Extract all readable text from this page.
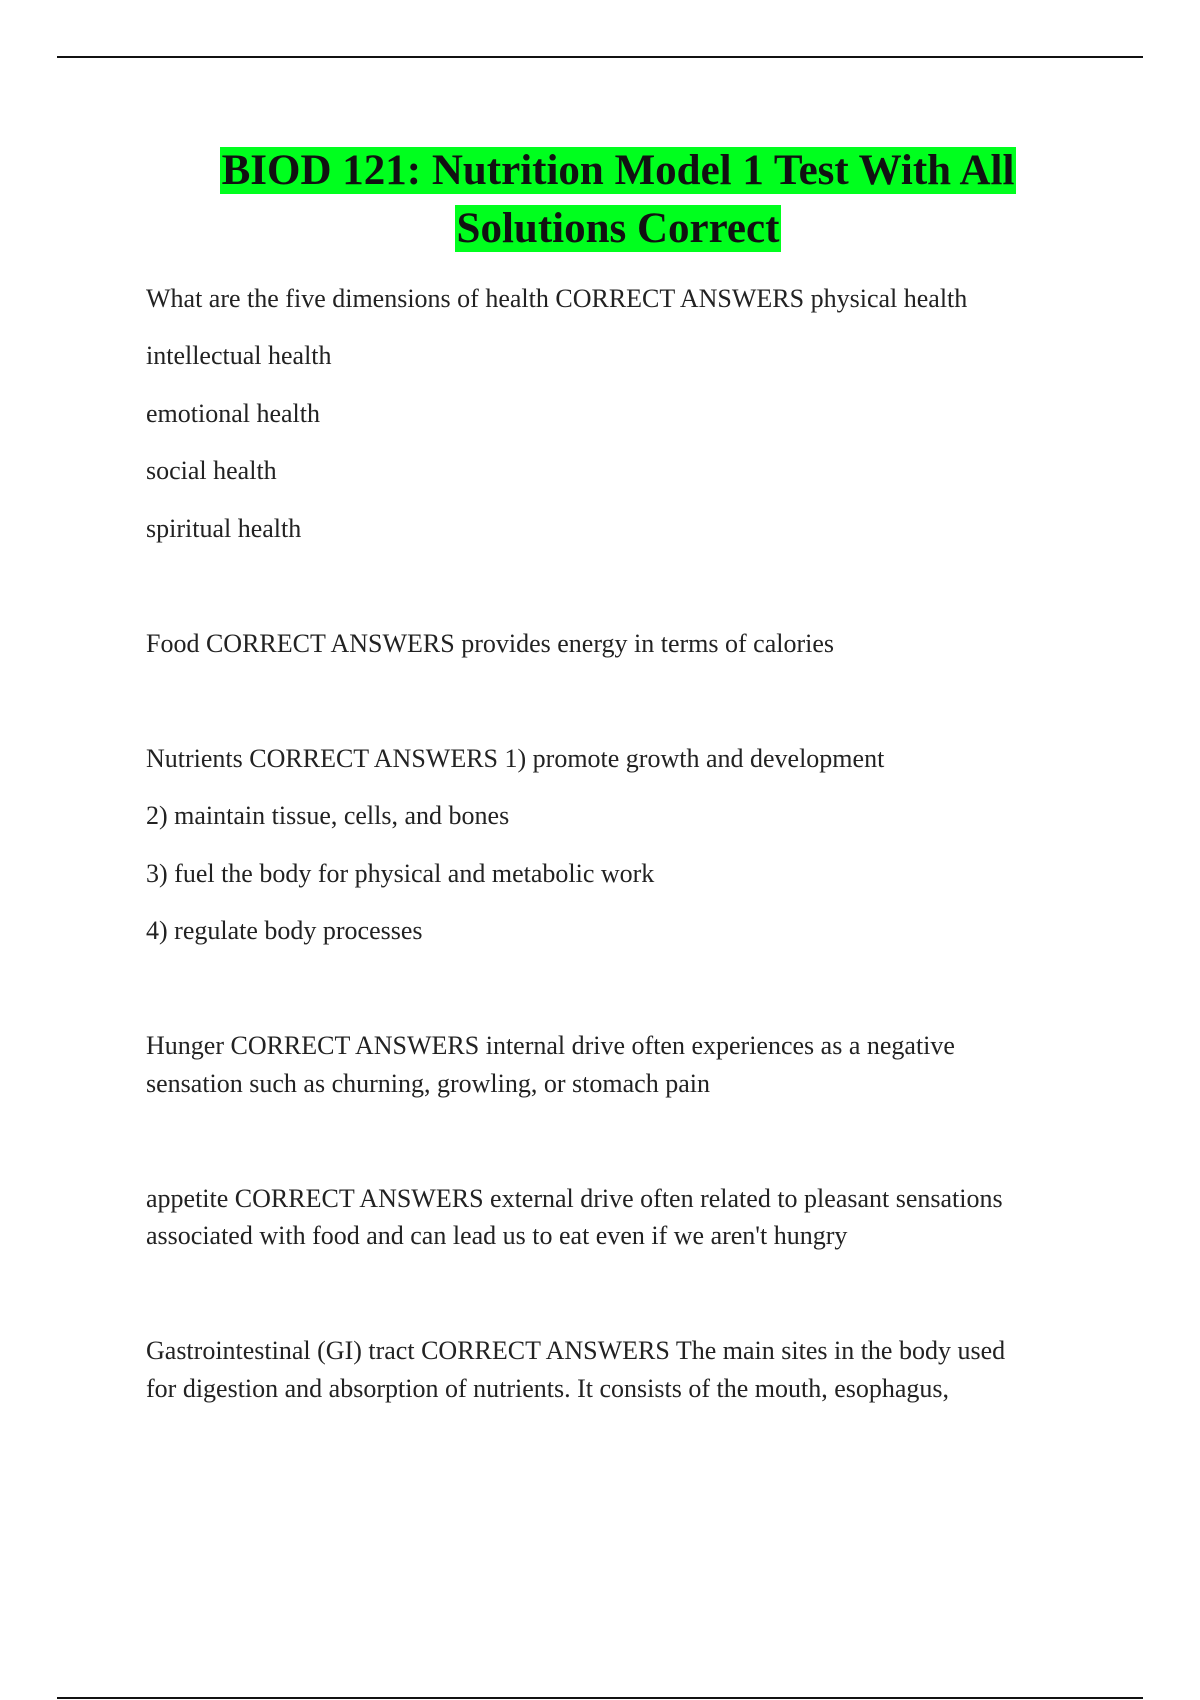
BIOD 121: Nutrition Model 1 Test With All
Solutions Correct
What are the five dimensions of health CORRECT ANSWERS physical health
intellectual health
emotional health
social health
spiritual health
Food CORRECT ANSWERS provides energy in terms of calories
Nutrients CORRECT ANSWERS 1) promote growth and development
2) maintain tissue, cells, and bones
3) fuel the body for physical and metabolic work
4) regulate body processes
Hunger CORRECT ANSWERS internal drive often experiences as a negative
sensation such as churning, growling, or stomach pain
appetite CORRECT ANSWERS external drive often related to pleasant sensations
associated with food and can lead us to eat even if we aren't hungry
Gastrointestinal (GI) tract CORRECT ANSWERS The main sites in the body used
for digestion and absorption of nutrients. It consists of the mouth, esophagus,
